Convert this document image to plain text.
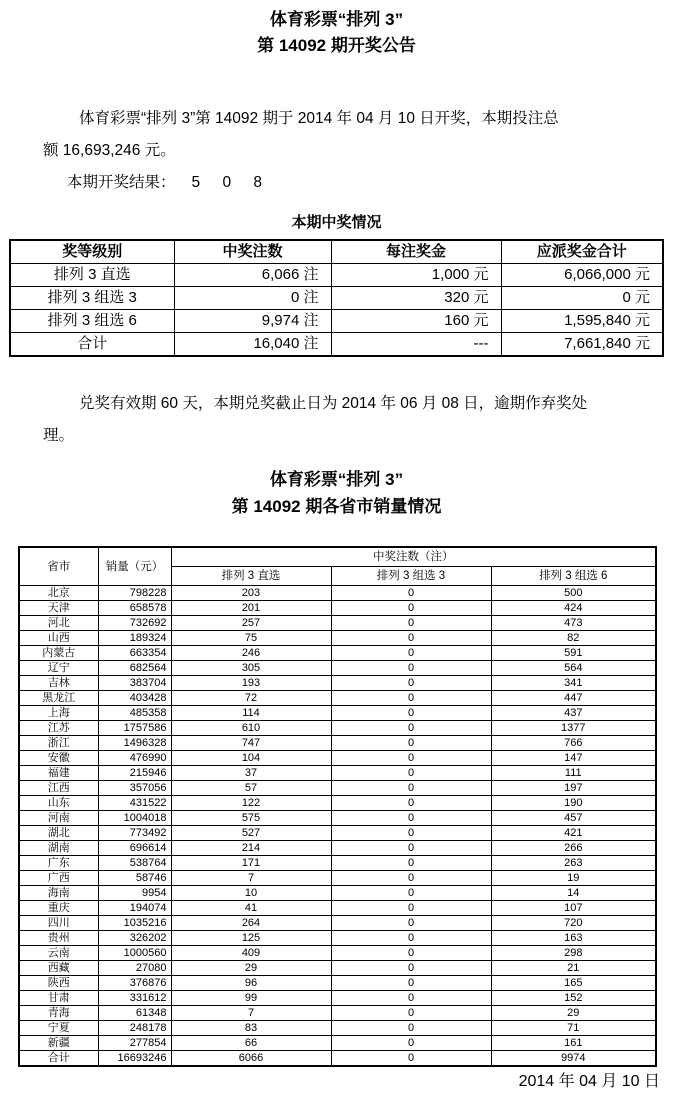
体育彩票“排列 3”
第 14092 期开奖公告

体育彩票“排列 3”第 14092 期于 2014 年 04 月 10 日开奖，本期投注总
额 16,693,246 元。

本期开奖结果： 5 0 8

本期中奖情况
奖等级别	中奖注数	每注奖金	应派奖金合计
排列 3 直选	6,066 注	1,000 元	6,066,000 元
排列 3 组选 3	0 注	320 元	0 元
排列 3 组选 6	9,974 注	160 元	1,595,840 元
合计	16,040 注	---	7,661,840 元

兑奖有效期 60 天，本期兑奖截止日为 2014 年 06 月 08 日，逾期作弃奖处
理。

体育彩票“排列 3”
第 14092 期各省市销量情况
省市	销量（元）	中奖注数（注）		
		排列 3 直选	排列 3 组选 3	排列 3 组选 6
北京	798228	203	0	500
天津	658578	201	0	424
河北	732692	257	0	473
山西	189324	75	0	82
内蒙古	663354	246	0	591
辽宁	682564	305	0	564
吉林	383704	193	0	341
黑龙江	403428	72	0	447
上海	485358	114	0	437
江苏	1757586	610	0	1377
浙江	1496328	747	0	766
安徽	476990	104	0	147
福建	215946	37	0	111
江西	357056	57	0	197
山东	431522	122	0	190
河南	1004018	575	0	457
湖北	773492	527	0	421
湖南	696614	214	0	266
广东	538764	171	0	263
广西	58746	7	0	19
海南	9954	10	0	14
重庆	194074	41	0	107
四川	1035216	264	0	720
贵州	326202	125	0	163
云南	1000560	409	0	298
西藏	27080	29	0	21
陕西	376876	96	0	165
甘肃	331612	99	0	152
青海	61348	7	0	29
宁夏	248178	83	0	71
新疆	277854	66	0	161
合计	16693246	6066	0	9974
2014 年 04 月 10 日
